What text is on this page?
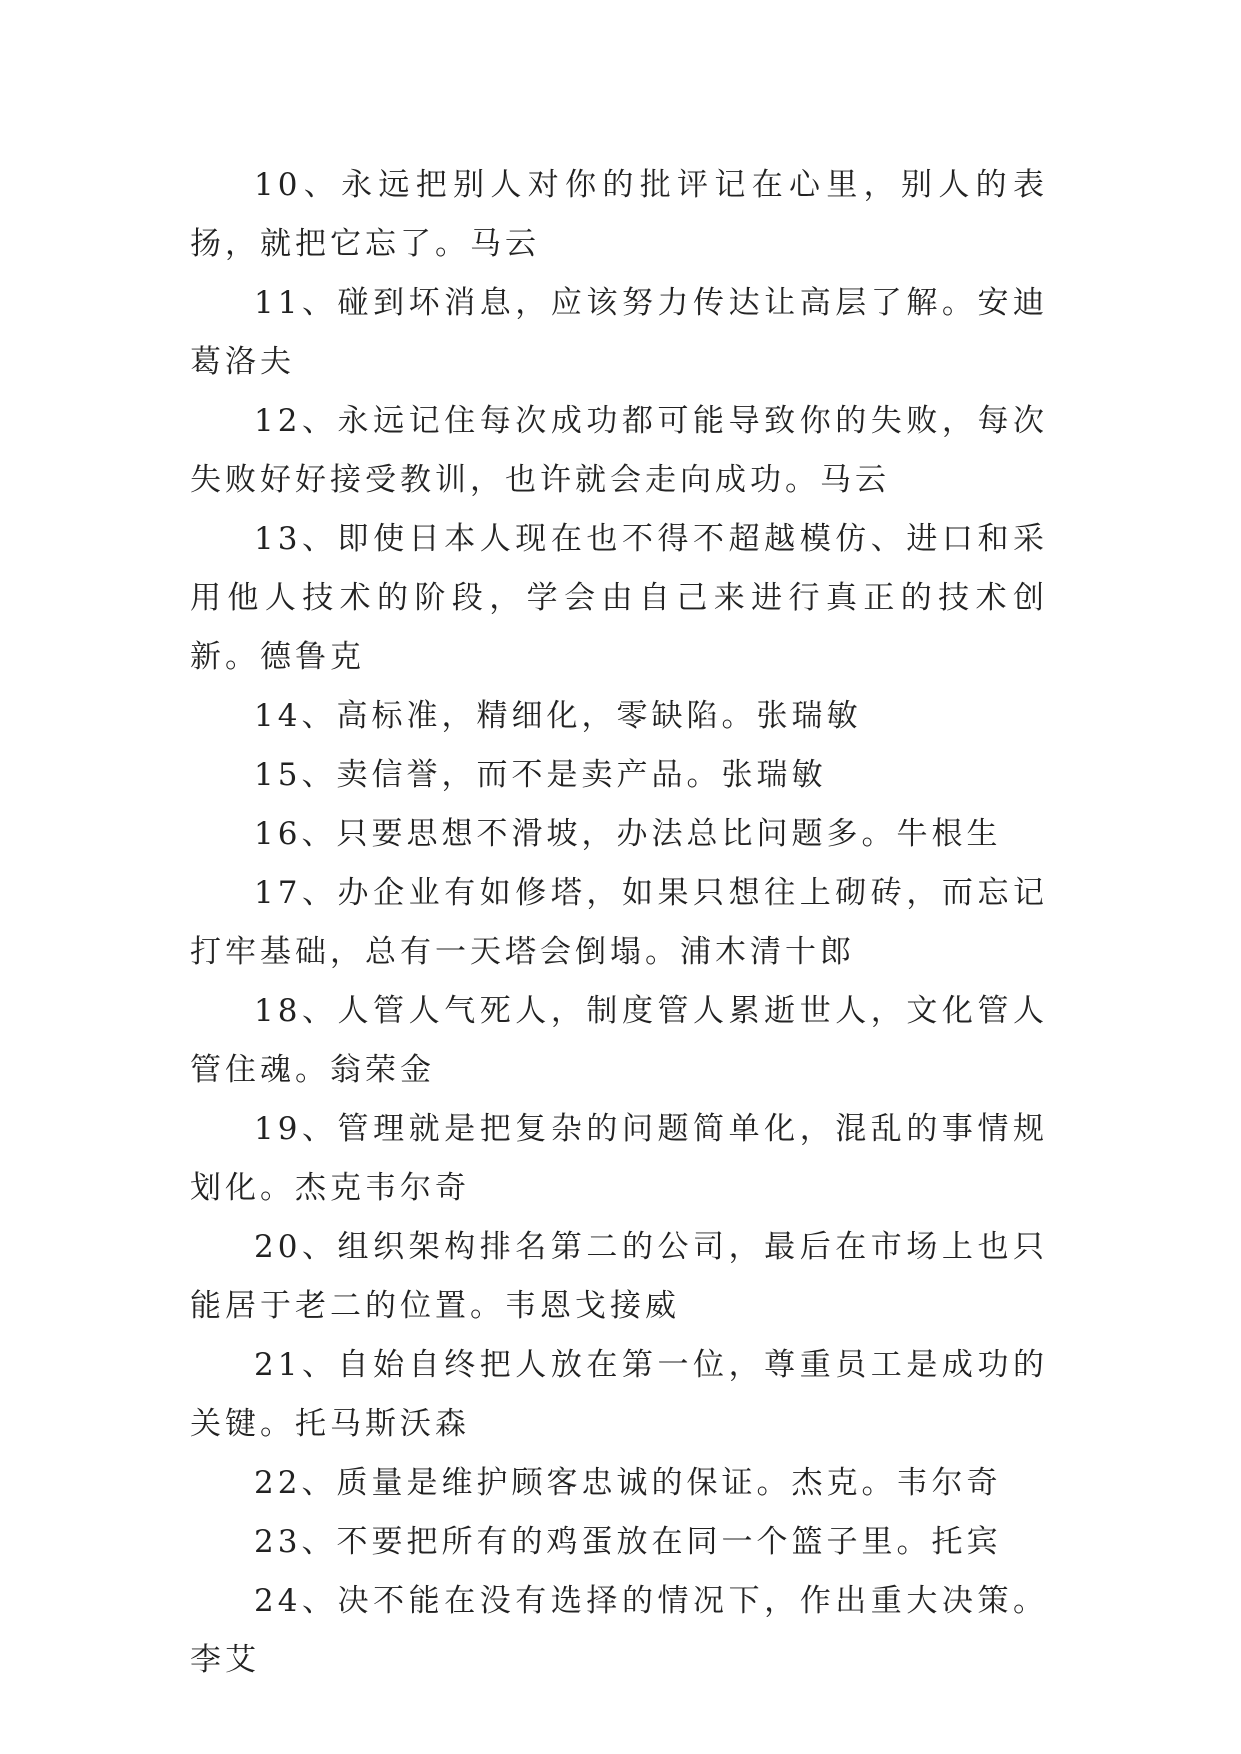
10、永远把别人对你的批评记在心里，别人的表扬，就把它忘了。马云

11、碰到坏消息，应该努力传达让高层了解。安迪葛洛夫

12、永远记住每次成功都可能导致你的失败，每次失败好好接受教训，也许就会走向成功。马云

13、即使日本人现在也不得不超越模仿、进口和采用他人技术的阶段，学会由自己来进行真正的技术创新。德鲁克

14、高标准，精细化，零缺陷。张瑞敏

15、卖信誉，而不是卖产品。张瑞敏

16、只要思想不滑坡，办法总比问题多。牛根生

17、办企业有如修塔，如果只想往上砌砖，而忘记打牢基础，总有一天塔会倒塌。浦木清十郎

18、人管人气死人，制度管人累逝世人，文化管人管住魂。翁荣金

19、管理就是把复杂的问题简单化，混乱的事情规划化。杰克韦尔奇

20、组织架构排名第二的公司，最后在市场上也只能居于老二的位置。韦恩戈接威

21、自始自终把人放在第一位，尊重员工是成功的关键。托马斯沃森

22、质量是维护顾客忠诚的保证。杰克。韦尔奇

23、不要把所有的鸡蛋放在同一个篮子里。托宾

24、决不能在没有选择的情况下，作出重大决策。李艾
